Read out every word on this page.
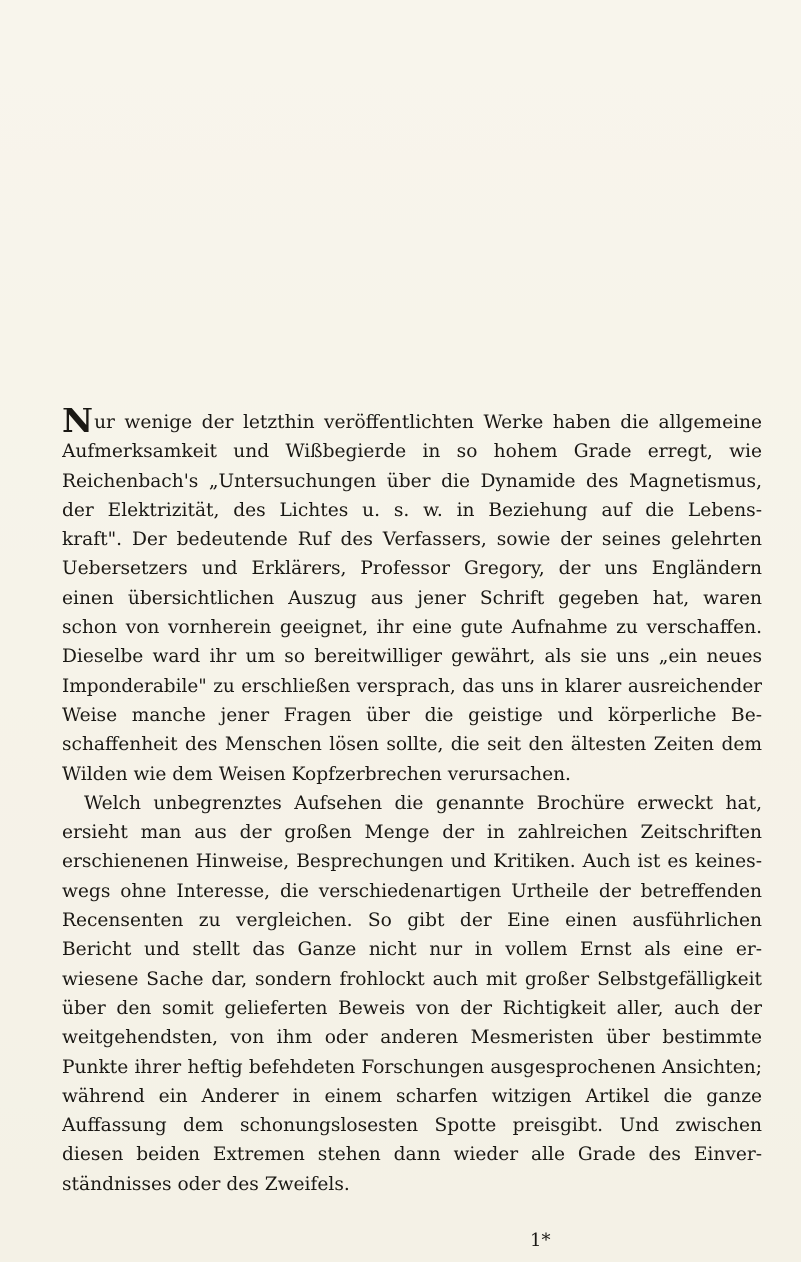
Nur wenige der letzthin veröffentlichten Werke haben die allgemeine
Aufmerksamkeit und Wißbegierde in so hohem Grade erregt, wie
Reichenbach's „Untersuchungen über die Dynamide des Magnetismus,
der Elektrizität, des Lichtes u. s. w. in Beziehung auf die Lebens-
kraft". Der bedeutende Ruf des Verfassers, sowie der seines gelehrten
Uebersetzers und Erklärers, Professor Gregory, der uns Engländern
einen übersichtlichen Auszug aus jener Schrift gegeben hat, waren
schon von vornherein geeignet, ihr eine gute Aufnahme zu verschaffen.
Dieselbe ward ihr um so bereitwilliger gewährt, als sie uns „ein neues
Imponderabile" zu erschließen versprach, das uns in klarer ausreichender
Weise manche jener Fragen über die geistige und körperliche Be-
schaffenheit des Menschen lösen sollte, die seit den ältesten Zeiten dem
Wilden wie dem Weisen Kopfzerbrechen verursachen.
Welch unbegrenztes Aufsehen die genannte Brochüre erweckt hat,
ersieht man aus der großen Menge der in zahlreichen Zeitschriften
erschienenen Hinweise, Besprechungen und Kritiken. Auch ist es keines-
wegs ohne Interesse, die verschiedenartigen Urtheile der betreffenden
Recensenten zu vergleichen. So gibt der Eine einen ausführlichen
Bericht und stellt das Ganze nicht nur in vollem Ernst als eine er-
wiesene Sache dar, sondern frohlockt auch mit großer Selbstgefälligkeit
über den somit gelieferten Beweis von der Richtigkeit aller, auch der
weitgehendsten, von ihm oder anderen Mesmeristen über bestimmte
Punkte ihrer heftig befehdeten Forschungen ausgesprochenen Ansichten;
während ein Anderer in einem scharfen witzigen Artikel die ganze
Auffassung dem schonungslosesten Spotte preisgibt. Und zwischen
diesen beiden Extremen stehen dann wieder alle Grade des Einver-
ständnisses oder des Zweifels.
1*
